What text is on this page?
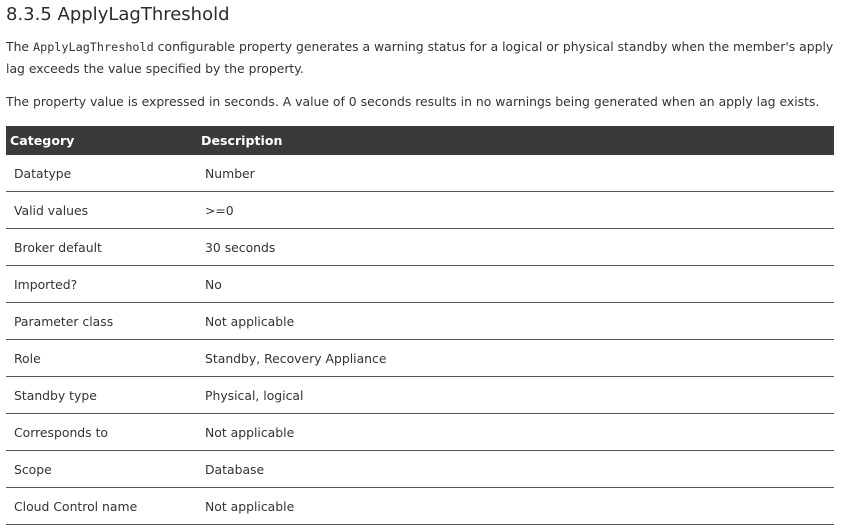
8.3.5 ApplyLagThreshold

The ApplyLagThreshold configurable property generates a warning status for a logical or physical standby when the member's apply lag exceeds the value specified by the property.

The property value is expressed in seconds. A value of 0 seconds results in no warnings being generated when an apply lag exists.

Category	Description
Datatype	Number
Valid values	>=0
Broker default	30 seconds
Imported?	No
Parameter class	Not applicable
Role	Standby, Recovery Appliance
Standby type	Physical, logical
Corresponds to	Not applicable
Scope	Database
Cloud Control name	Not applicable
